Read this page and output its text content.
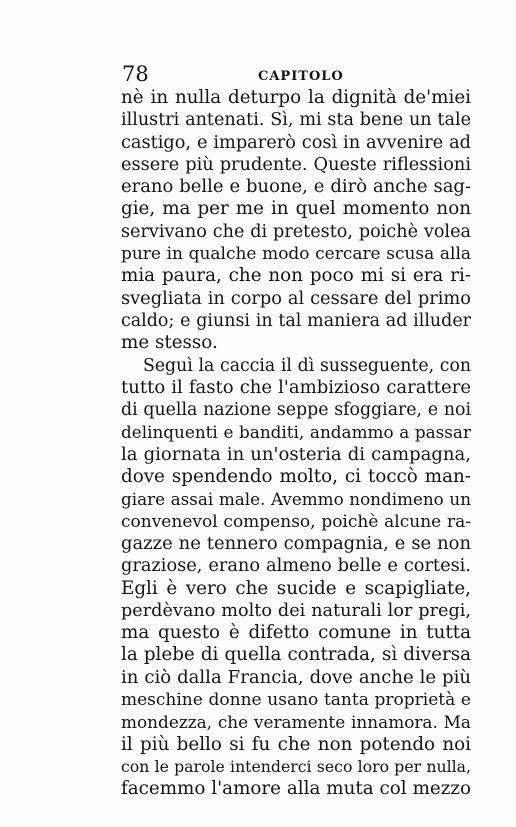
78	CAPITOLO
nè in nulla deturpo la dignità de'miei
illustri antenati. Sì, mi sta bene un tale
castigo, e imparerò così in avvenire ad
essere più prudente. Queste riflessioni
erano belle e buone, e dirò anche sag-
gie, ma per me in quel momento non
servivano che di pretesto, poichè volea
pure in qualche modo cercare scusa alla
mia paura, che non poco mi si era ri-
svegliata in corpo al cessare del primo
caldo; e giunsi in tal maniera ad illuder
me stesso.
Seguì la caccia il dì susseguente, con
tutto il fasto che l'ambizioso carattere
di quella nazione seppe sfoggiare, e noi
delinquenti e banditi, andammo a passar
la giornata in un'osteria di campagna,
dove spendendo molto, ci toccò man-
giare assai male. Avemmo nondimeno un
convenevol compenso, poichè alcune ra-
gazze ne tennero compagnia, e se non
graziose, erano almeno belle e cortesi.
Egli è vero che sucide e scapigliate,
perdèvano molto dei naturali lor pregi,
ma questo è difetto comune in tutta
la plebe di quella contrada, sì diversa
in ciò dalla Francia, dove anche le più
meschine donne usano tanta proprietà e
mondezza, che veramente innamora. Ma
il più bello si fu che non potendo noi
con le parole intenderci seco loro per nulla,
facemmo l'amore alla muta col mezzo
